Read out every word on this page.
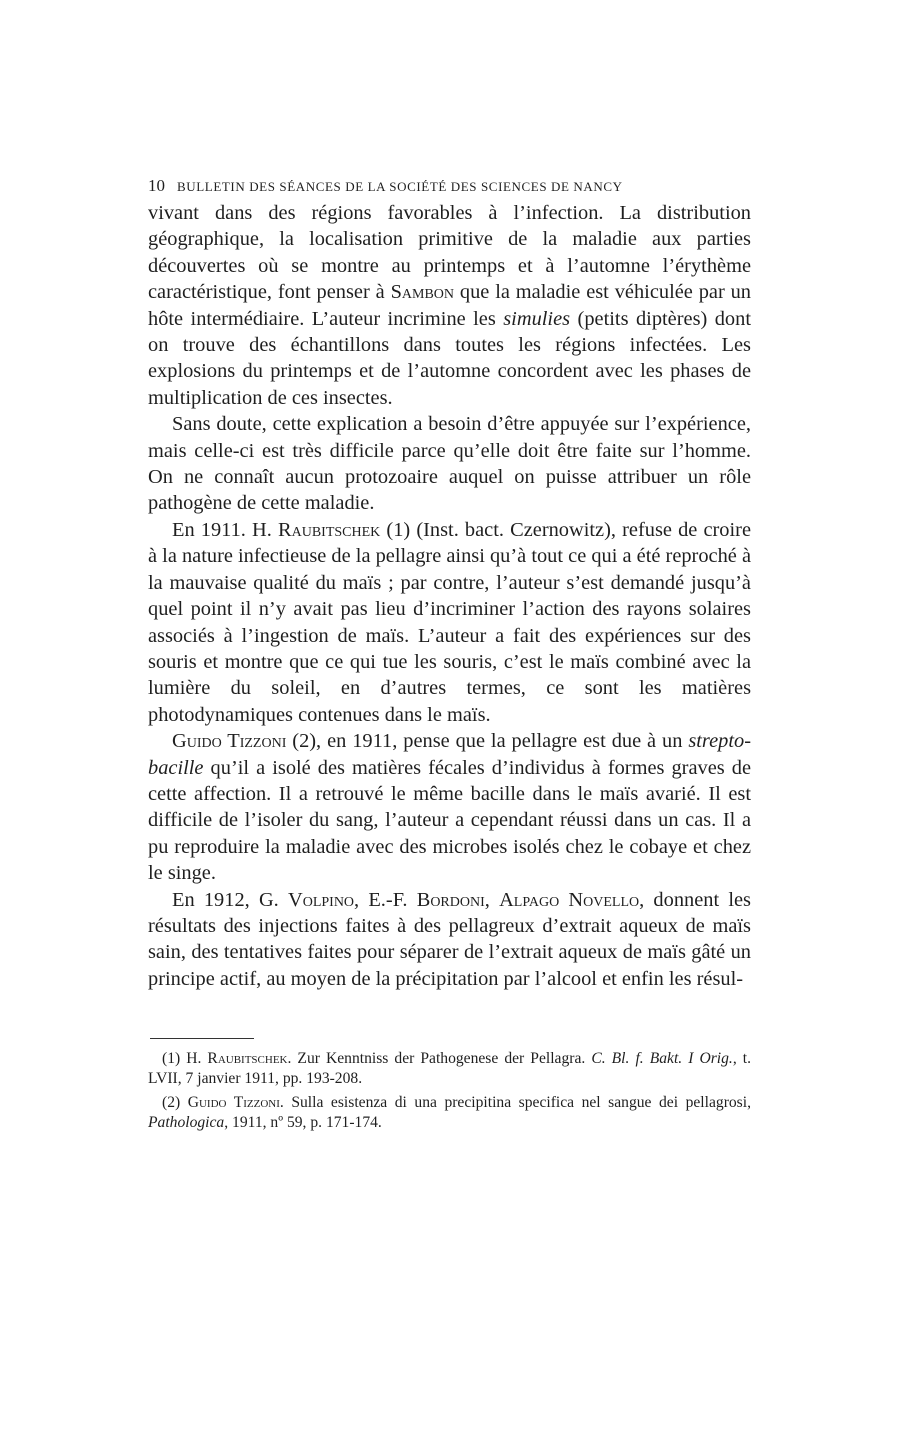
10 BULLETIN DES SÉANCES DE LA SOCIÉTÉ DES SCIENCES DE NANCY

vivant dans des régions favorables à l’infection. La distribution géographique, la localisation primitive de la maladie aux parties découvertes où se montre au printemps et à l’automne l’érythème caractéristique, font penser à Sambon que la maladie est véhiculée par un hôte intermédiaire. L’auteur incrimine les simulies (petits diptères) dont on trouve des échantillons dans toutes les régions infectées. Les explosions du printemps et de l’automne concordent avec les phases de multiplication de ces insectes.

Sans doute, cette explication a besoin d’être appuyée sur l’expérience, mais celle-ci est très difficile parce qu’elle doit être faite sur l’homme. On ne connaît aucun protozoaire auquel on puisse attribuer un rôle pathogène de cette maladie.

En 1911. H. Raubitschek (1) (Inst. bact. Czernowitz), refuse de croire à la nature infectieuse de la pellagre ainsi qu’à tout ce qui a été reproché à la mauvaise qualité du maïs ; par contre, l’auteur s’est demandé jusqu’à quel point il n’y avait pas lieu d’incriminer l’action des rayons solaires associés à l’ingestion de maïs. L’auteur a fait des expériences sur des souris et montre que ce qui tue les souris, c’est le maïs combiné avec la lumière du soleil, en d’autres termes, ce sont les matières photodynamiques contenues dans le maïs.

Guido Tizzoni (2), en 1911, pense que la pellagre est due à un strepto-bacille qu’il a isolé des matières fécales d’individus à formes graves de cette affection. Il a retrouvé le même bacille dans le maïs avarié. Il est difficile de l’isoler du sang, l’auteur a cependant réussi dans un cas. Il a pu reproduire la maladie avec des microbes isolés chez le cobaye et chez le singe.

En 1912, G. Volpino, E.-F. Bordoni, Alpago Novello, donnent les résultats des injections faites à des pellagreux d’extrait aqueux de maïs sain, des tentatives faites pour séparer de l’extrait aqueux de maïs gâté un principe actif, au moyen de la précipitation par l’alcool et enfin les résul-

(1) H. Raubitschek. Zur Kenntniss der Pathogenese der Pellagra. C. Bl. f. Bakt. I Orig., t. LVII, 7 janvier 1911, pp. 193-208.

(2) Guido Tizzoni. Sulla esistenza di una precipitina specifica nel sangue dei pellagrosi, Pathologica, 1911, nº 59, p. 171-174.
